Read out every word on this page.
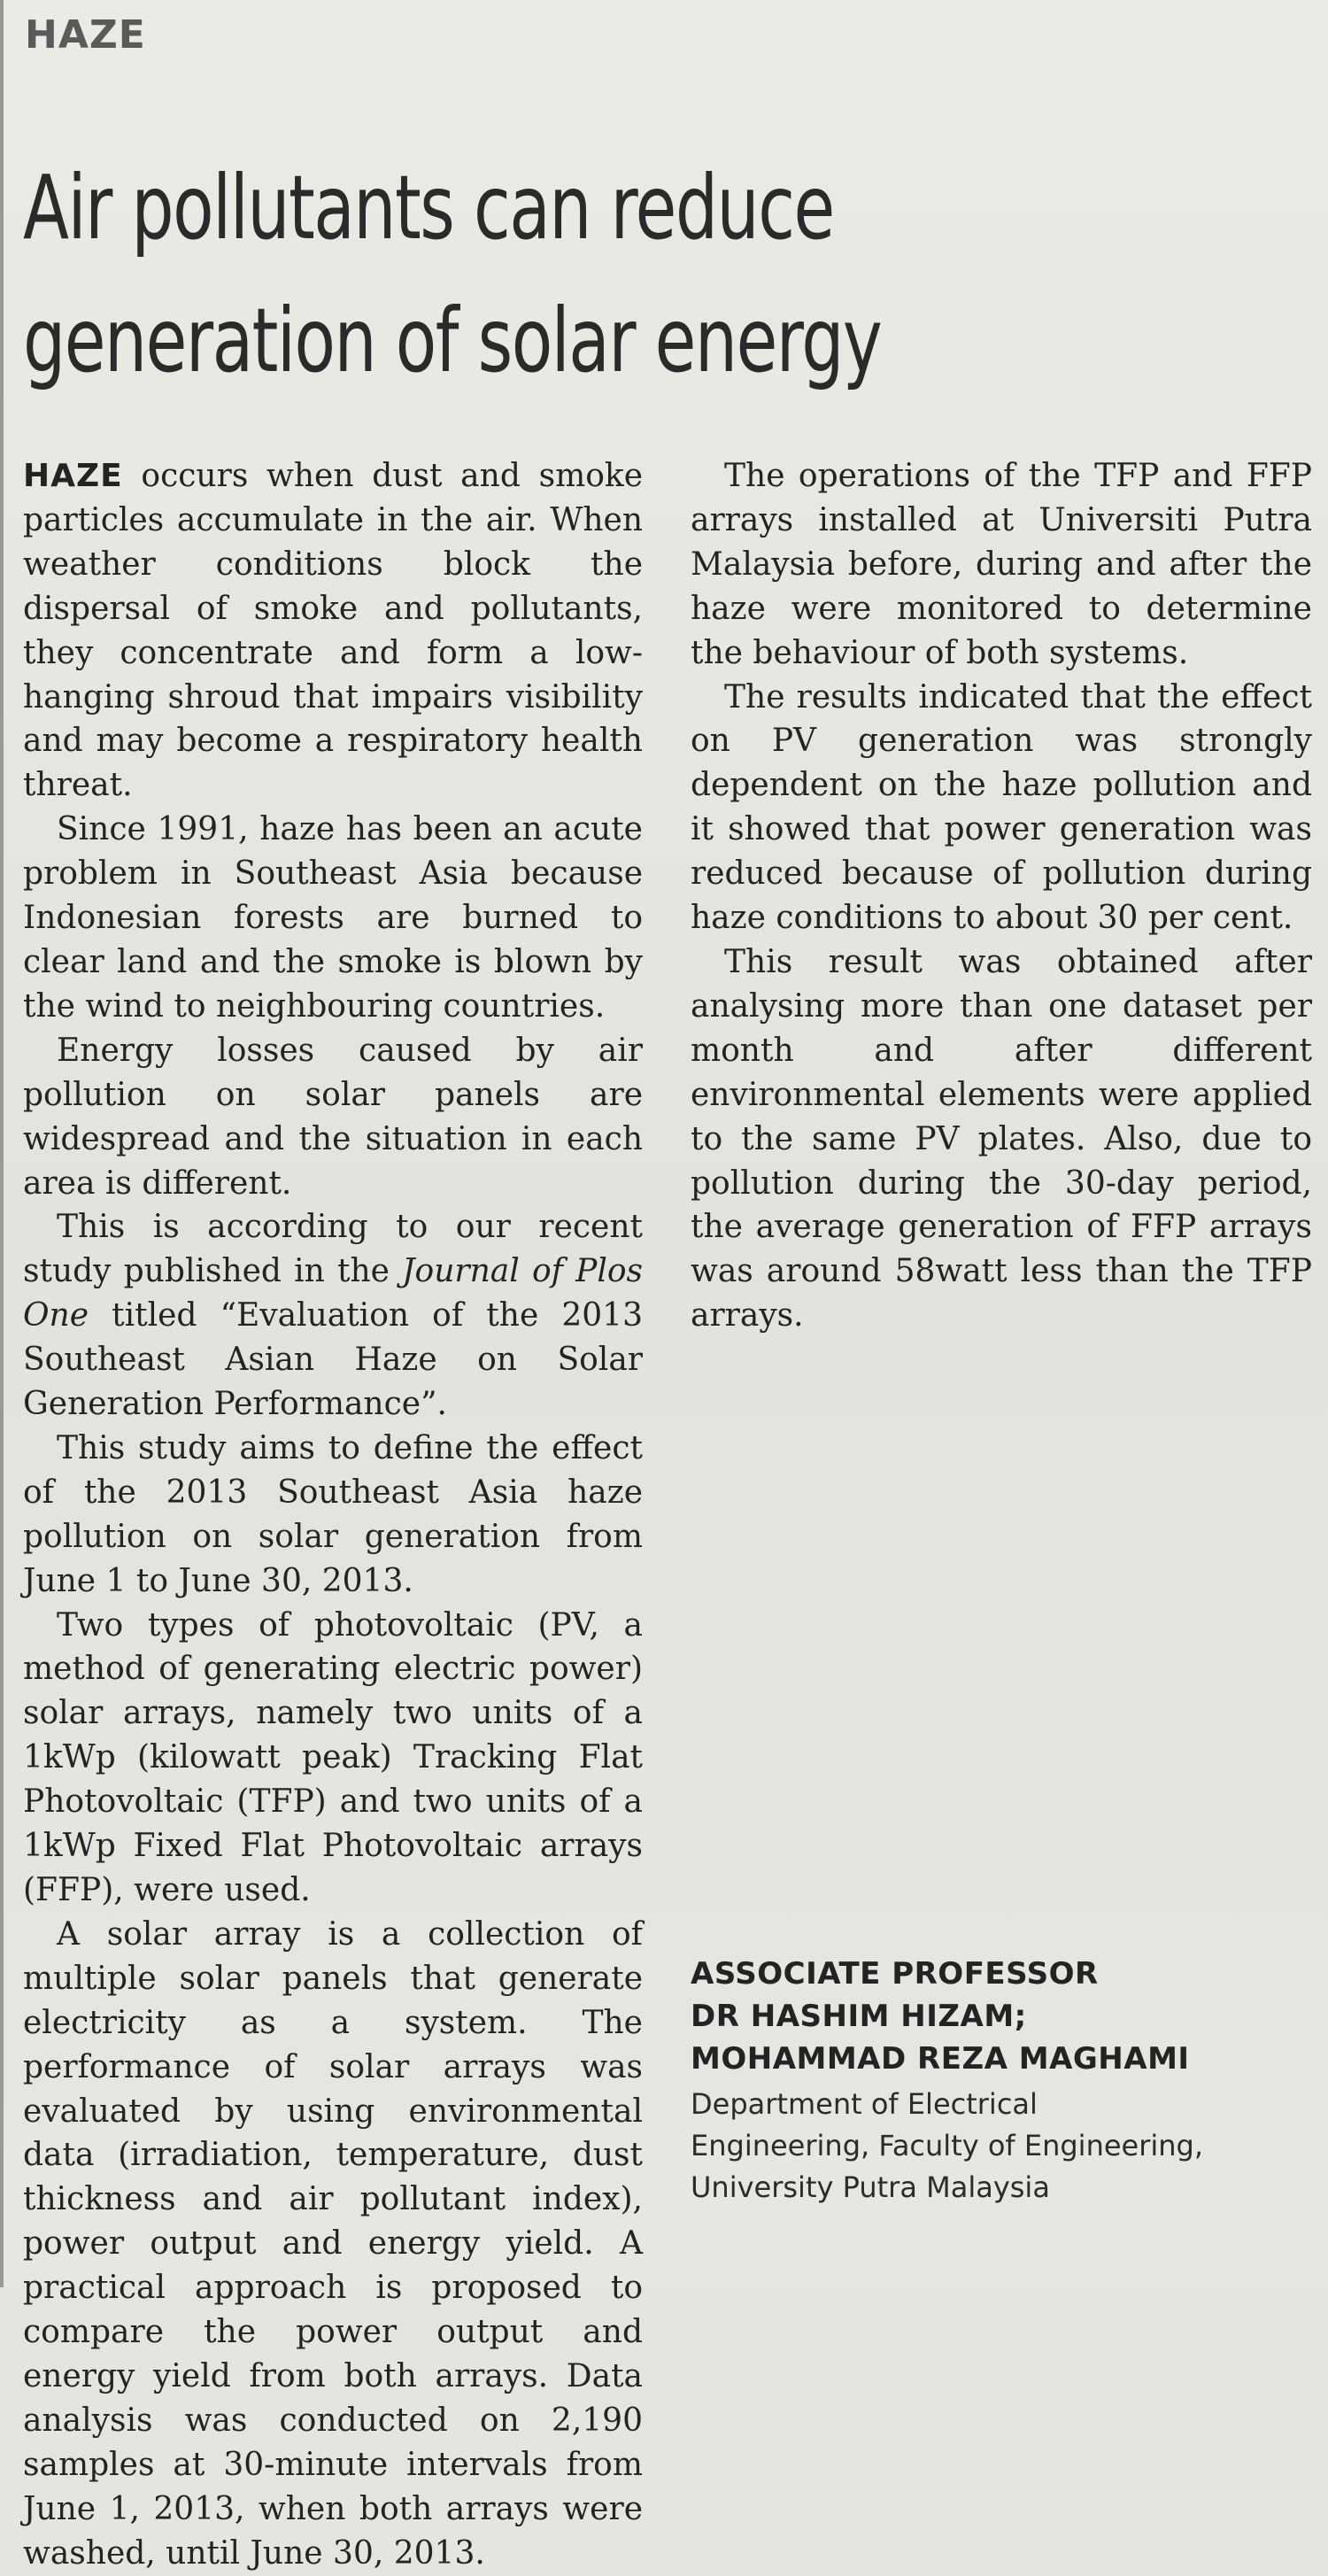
HAZE
Air pollutants can reduce
generation of solar energy

HAZE occurs when dust and smoke particles accumulate in the air. When weather conditions block the dispersal of smoke and pollutants, they concentrate and form a low-hanging shroud that impairs visibility and may become a respiratory health threat.

Since 1991, haze has been an acute problem in Southeast Asia because Indonesian forests are burned to clear land and the smoke is blown by the wind to neighbouring countries.

Energy losses caused by air pollution on solar panels are widespread and the situation in each area is different.

This is according to our recent study published in the Journal of Plos One titled “Evaluation of the 2013 Southeast Asian Haze on Solar Generation Performance”.

This study aims to define the effect of the 2013 Southeast Asia haze pollution on solar generation from June 1 to June 30, 2013.

Two types of photovoltaic (PV, a method of generating electric power) solar arrays, namely two units of a 1kWp (kilowatt peak) Tracking Flat Photovoltaic (TFP) and two units of a 1kWp Fixed Flat Photovoltaic arrays (FFP), were used.

A solar array is a collection of multiple solar panels that generate electricity as a system. The performance of solar arrays was evaluated by using environmental data (irradiation, temperature, dust thickness and air pollutant index), power output and energy yield. A practical approach is proposed to compare the power output and energy yield from both arrays. Data analysis was conducted on 2,190 samples at 30-minute intervals from June 1, 2013, when both arrays were washed, until June 30, 2013.

The operations of the TFP and FFP arrays installed at Universiti Putra Malaysia before, during and after the haze were monitored to determine the behaviour of both systems.

The results indicated that the effect on PV generation was strongly dependent on the haze pollution and it showed that power generation was reduced because of pollution during haze conditions to about 30 per cent.

This result was obtained after analysing more than one dataset per month and after different environmental elements were applied to the same PV plates. Also, due to pollution during the 30-day period, the average generation of FFP arrays was around 58watt less than the TFP arrays.

ASSOCIATE PROFESSOR
DR HASHIM HIZAM;
MOHAMMAD REZA MAGHAMI
Department of Electrical
Engineering, Faculty of Engineering,
University Putra Malaysia
